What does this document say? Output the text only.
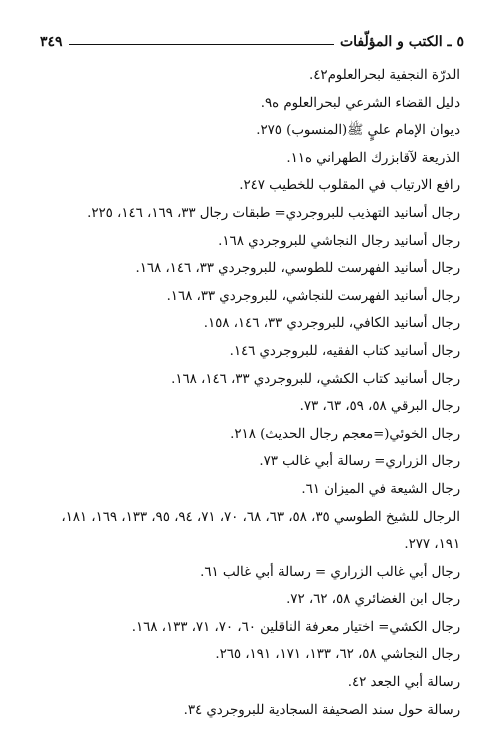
٥ ـ الكتب و المؤلّفات
٣٤٩
الدرّة النجفية لبحرالعلوم٤٢.
دليل القضاء الشرعي لبحرالعلوم ه٩.
ديوان الإمام عليٍ ﷺ(المنسوب) ٢٧٥.
الذريعة لآقابزرك الطهراني ه١١.
رافع الارتياب في المقلوب للخطيب ٢٤٧.
رجال أسانيد التهذيب للبروجردي= طبقات رجال ٣٣، ١٦٩، ١٤٦، ٢٢٥.
رجال أسانيد رجال النجاشي للبروجردي ١٦٨.
رجال أسانيد الفهرست للطوسي، للبروجردي ٣٣، ١٤٦، ١٦٨.
رجال أسانيد الفهرست للنجاشي، للبروجردي ٣٣، ١٦٨.
رجال أسانيد الكافي، للبروجردي ٣٣، ١٤٦، ١٥٨.
رجال أسانيد كتاب الفقيه، للبروجردي ١٤٦.
رجال أسانيد كتاب الكشي، للبروجردي ٣٣، ١٤٦، ١٦٨.
رجال البرقي ٥٨، ٥٩، ٦٣، ٧٣.
رجال الخوئي(=معجم رجال الحديث) ٢١٨.
رجال الزراري= رسالة أبي غالب ٧٣.
رجال الشيعة في الميزان ٦١.
الرجال للشيخ الطوسي ٣٥، ٥٨، ٦٣، ٦٨، ٧٠، ٧١، ٩٤، ٩٥، ١٣٣، ١٦٩، ١٨١، ١٩١، ٢٧٧.
رجال أبي غالب الزراري = رسالة أبي غالب ٦١.
رجال ابن الغضائري ٥٨، ٦٢، ٧٢.
رجال الكشي= اختيار معرفة الناقلين ٦٠، ٧٠، ٧١، ١٣٣، ١٦٨.
رجال النجاشي ٥٨، ٦٢، ١٣٣، ١٧١، ١٩١، ٢٦٥.
رسالة أبي الجعد ٤٢.
رسالة حول سند الصحيفة السجادية للبروجردي ٣٤.
